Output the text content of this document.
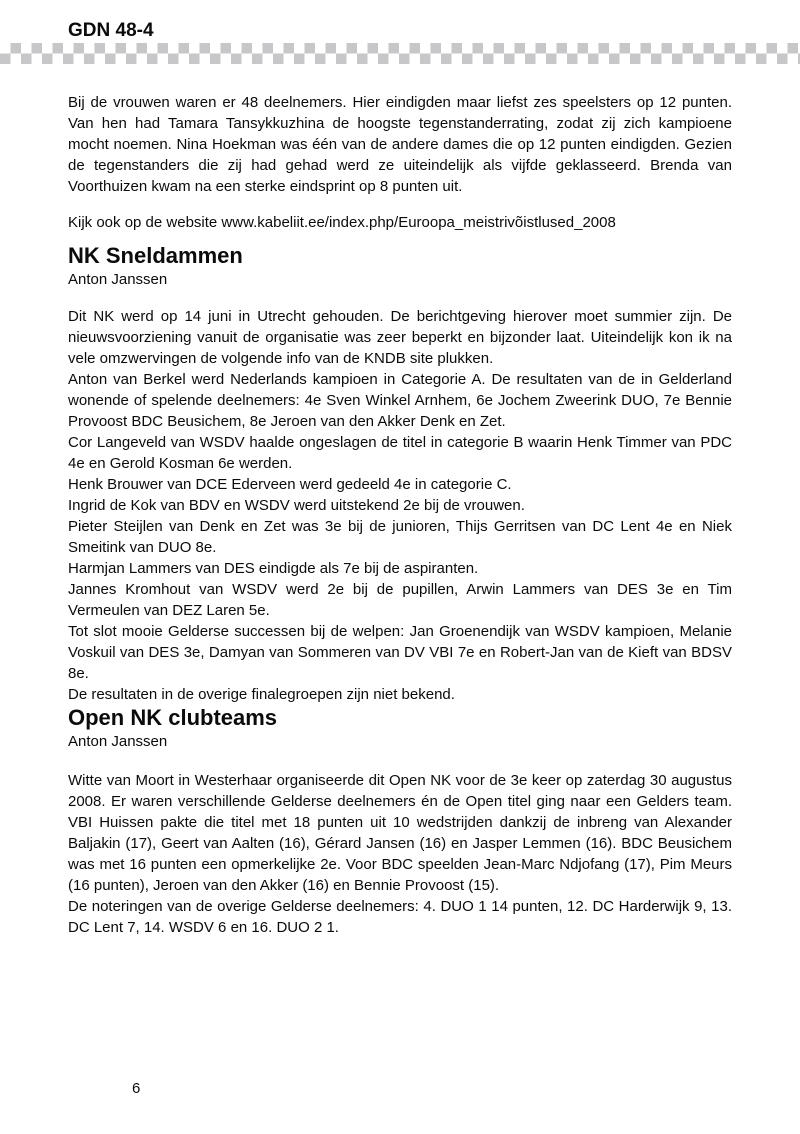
GDN 48-4

Bij de vrouwen waren er 48 deelnemers. Hier eindigden maar liefst zes speelsters op 12 punten. Van hen had Tamara Tansykkuzhina de hoogste tegenstanderrating, zodat zij zich kampioene mocht noemen. Nina Hoekman was één van de andere dames die op 12 punten eindigden. Gezien de tegenstanders die zij had gehad werd ze uiteindelijk als vijfde geklasseerd. Brenda van Voorthuizen kwam na een sterke eindsprint op 8 punten uit.

Kijk ook op de website www.kabeliit.ee/index.php/Euroopa_meistrivõistlused_2008

NK Sneldammen

Anton Janssen

Dit NK werd op 14 juni in Utrecht gehouden. De berichtgeving hierover moet summier zijn. De nieuwsvoorziening vanuit de organisatie was zeer beperkt en bijzonder laat. Uiteindelijk kon ik na vele omzwervingen de volgende info van de KNDB site plukken.

Anton van Berkel werd Nederlands kampioen in Categorie A. De resultaten van de in Gelderland wonende of spelende deelnemers: 4e Sven Winkel Arnhem, 6e Jochem Zweerink DUO, 7e Bennie Provoost BDC Beusichem, 8e Jeroen van den Akker Denk en Zet.

Cor Langeveld van WSDV haalde ongeslagen de titel in categorie B waarin Henk Timmer van PDC 4e en Gerold Kosman 6e werden.

Henk Brouwer van DCE Ederveen werd gedeeld 4e in categorie C.

Ingrid de Kok van BDV en WSDV werd uitstekend 2e bij de vrouwen.

Pieter Steijlen van Denk en Zet was 3e bij de junioren, Thijs Gerritsen van DC Lent 4e en Niek Smeitink van DUO 8e.

Harmjan Lammers van DES eindigde als 7e bij de aspiranten.

Jannes Kromhout van WSDV werd 2e bij de pupillen, Arwin Lammers van DES 3e en Tim Vermeulen van DEZ Laren 5e.

Tot slot mooie Gelderse successen bij de welpen: Jan Groenendijk van WSDV kampioen, Melanie Voskuil van DES 3e, Damyan van Sommeren van DV VBI 7e en Robert-Jan van de Kieft van BDSV 8e.

De resultaten in de overige finalegroepen zijn niet bekend.

Open NK clubteams

Anton Janssen

Witte van Moort in Westerhaar organiseerde dit Open NK voor de 3e keer op zaterdag 30 augustus 2008. Er waren verschillende Gelderse deelnemers én de Open titel ging naar een Gelders team. VBI Huissen pakte die titel met 18 punten uit 10 wedstrijden dankzij de inbreng van Alexander Baljakin (17), Geert van Aalten (16), Gérard Jansen (16) en Jasper Lemmen (16). BDC Beusichem was met 16 punten een opmerkelijke 2e. Voor BDC speelden Jean-Marc Ndjofang (17), Pim Meurs (16 punten), Jeroen van den Akker (16) en Bennie Provoost (15).

De noteringen van de overige Gelderse deelnemers: 4. DUO 1 14 punten, 12. DC Harderwijk 9, 13. DC Lent 7, 14. WSDV 6 en 16. DUO 2 1.

6
